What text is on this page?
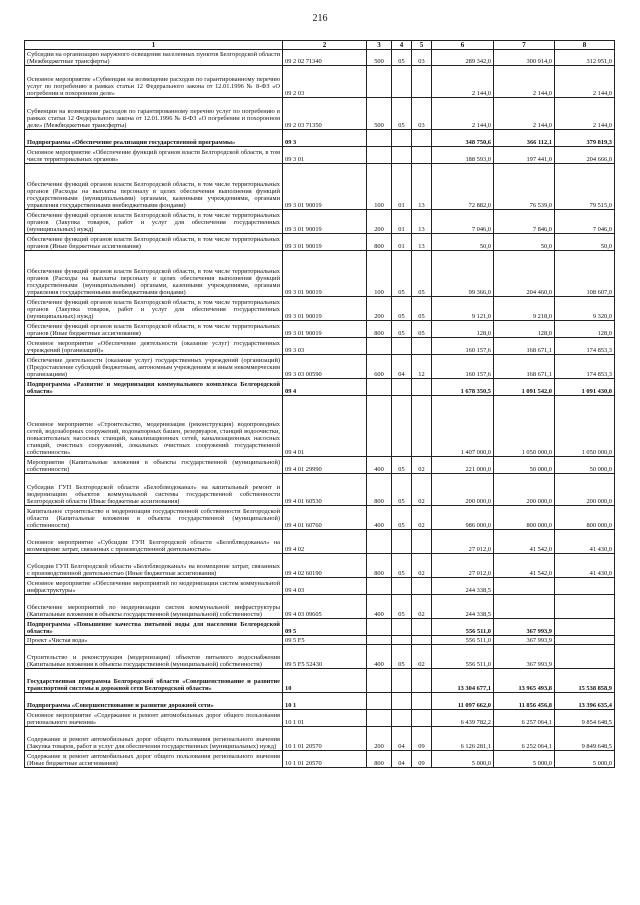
216
1	2	3	4	5	6	7	8
Субсидии на организацию наружного освещения населенных пунктов Белгородской области (Межбюджетные трансферты)	09 2 02 71340	500	05	03	289 342,0	300 914,0	312 951,0
Основное мероприятие «Субвенции на возмещение расходов по гарантированному перечню услуг по погребению в рамках статьи 12 Федерального закона от 12.01.1996 № 8-ФЗ «О погребении и похоронном деле»	09 2 03				2 144,0	2 144,0	2 144,0
Субвенции на возмещение расходов по гарантированному перечню услуг по погребению в рамках статьи 12 Федерального закона от 12.01.1996 № 8-ФЗ «О погребении и похоронном деле» (Межбюджетные трансферты)	09 2 03 71350	500	05	03	2 144,0	2 144,0	2 144,0
Подпрограмма «Обеспечение реализации государственной программы»	09 3				348 750,6	366 112,1	379 819,3
Основное мероприятие «Обеспечение функций органов власти Белгородской области, в том числе территориальных органов»	09 3 01				188 593,0	197 441,0	204 666,0
Обеспечение функций органов власти Белгородской области, в том числе территориальных органов (Расходы на выплаты персоналу в целях обеспечения выполнения функций государственными (муниципальными) органами, казенными учреждениями, органами управления государственными внебюджетными фондами)	09 3 01 90019	100	01	13	72 882,0	76 539,0	79 515,0
Обеспечение функций органов власти Белгородской области, в том числе территориальных органов (Закупка товаров, работ и услуг для обеспечения государственных (муниципальных) нужд)	09 3 01 90019	200	01	13	7 046,0	7 846,0	7 046,0
Обеспечение функций органов власти Белгородской области, в том числе территориальных органов (Иные бюджетные ассигнования)	09 3 01 90019	800	01	13	50,0	50,0	50,0
Обеспечение функций органов власти Белгородской области, в том числе территориальных органов (Расходы на выплаты персоналу в целях обеспечения выполнения функций государственными (муниципальными) органами, казенными учреждениями, органами управления государственными внебюджетными фондами)	09 3 01 90019	100	05	05	99 366,0	204 460,0	108 607,0
Обеспечение функций органов власти Белгородской области, в том числе территориальных органов (Закупка товаров, работ и услуг для обеспечения государственных (муниципальных) нужд)	09 3 01 90019	200	05	05	9 121,0	9 218,0	9 320,0
Обеспечение функций органов власти Белгородской области, в том числе территориальных органов (Иные бюджетные ассигнования)	09 3 01 90019	800	05	05	128,0	128,0	128,0
Основное мероприятие «Обеспечение деятельности (оказание услуг) государственных учреждений (организаций)»	09 3 03				160 157,6	168 671,1	174 853,3
Обеспечение деятельности (оказание услуг) государственных учреждений (организаций) (Предоставление субсидий бюджетным, автономным учреждениям и иным некоммерческим организациям)	09 3 03 00590	600	04	12	160 157,6	168 671,1	174 853,3
Подпрограмма «Развитие и модернизация коммунального комплекса Белгородской области»	09 4				1 678 350,5	1 091 542,0	1 091 430,0
Основное мероприятие «Строительство, модернизация (реконструкция) водопроводных сетей, водозаборных сооружений, водонапорных башен, резервуаров, станций водоочистки, повысительных насосных станций, канализационных сетей, канализационных насосных станций, очистных сооружений, локальных очистных сооружений государственной собственности»	09 4 01				1 407 000,0	1 050 000,0	1 050 000,0
Мероприятия (Капитальные вложения в объекты государственной (муниципальной) собственности)	09 4 01 29990	400	05	02	221 000,0	50 000,0	50 000,0
Субсидии ГУП Белгородской области «Белоблводоканал» на капитальный ремонт и модернизацию объектов коммунальной системы государственной собственности Белгородской области (Иные бюджетные ассигнования)	09 4 01 60530	800	05	02	200 000,0	200 000,0	200 000,0
Капитальное строительство и модернизация государственной собственности Белгородской области (Капитальные вложения в объекты государственной (муниципальной) собственности)	09 4 01 60760	400	05	02	986 000,0	800 000,0	800 000,0
Основное мероприятие «Субсидии ГУП Белгородской области «Белоблводоканал» на возмещение затрат, связанных с производственной деятельностью»	09 4 02				27 012,0	41 542,0	41 430,0
Субсидии ГУП Белгородской области «Белоблводоканал» на возмещение затрат, связанных с производственной деятельностью (Иные бюджетные ассигнования)	09 4 02 60190	800	05	02	27 012,0	41 542,0	41 430,0
Основное мероприятие «Обеспечение мероприятий по модернизации систем коммунальной инфраструктуры»	09 4 03				244 338,5		
Обеспечение мероприятий по модернизации систем коммунальной инфраструктуры (Капитальные вложения в объекты государственной (муниципальной) собственности)	09 4 03 09605	400	05	02	244 338,5		
Подпрограмма «Повышение качества питьевой воды для населения Белгородской области»	09 5				556 511,0	367 993,9	
Проект «Чистая вода»	09 5 F5				556 511,0	367 993,9	
Строительство и реконструкция (модернизация) объектов питьевого водоснабжения (Капитальные вложения в объекты государственной (муниципальной) собственности)	09 5 F5 52430	400	05	02	556 511,0	367 993,9	
Государственная программа Белгородской области «Совершенствование и развитие транспортной системы и дорожной сети Белгородской области»	10				13 304 677,1	13 965 493,8	15 538 858,9
Подпрограмма «Совершенствование и развитие дорожной сети»	10 1				11 097 662,0	11 856 456,8	13 396 635,4
Основное мероприятие «Содержание и ремонт автомобильных дорог общего пользования регионального значения»	10 1 01				6 439 782,2	6 257 064,1	9 854 648,5
Содержание и ремонт автомобильных дорог общего пользования регионального значения (Закупка товаров, работ и услуг для обеспечения государственных (муниципальных) нужд)	10 1 01 20570	200	04	09	6 126 281,1	6 252 064,1	9 849 648,5
Содержание и ремонт автомобильных дорог общего пользования регионального значения (Иные бюджетные ассигнования)	10 1 01 20570	800	04	09	5 000,0	5 000,0	5 000,0
